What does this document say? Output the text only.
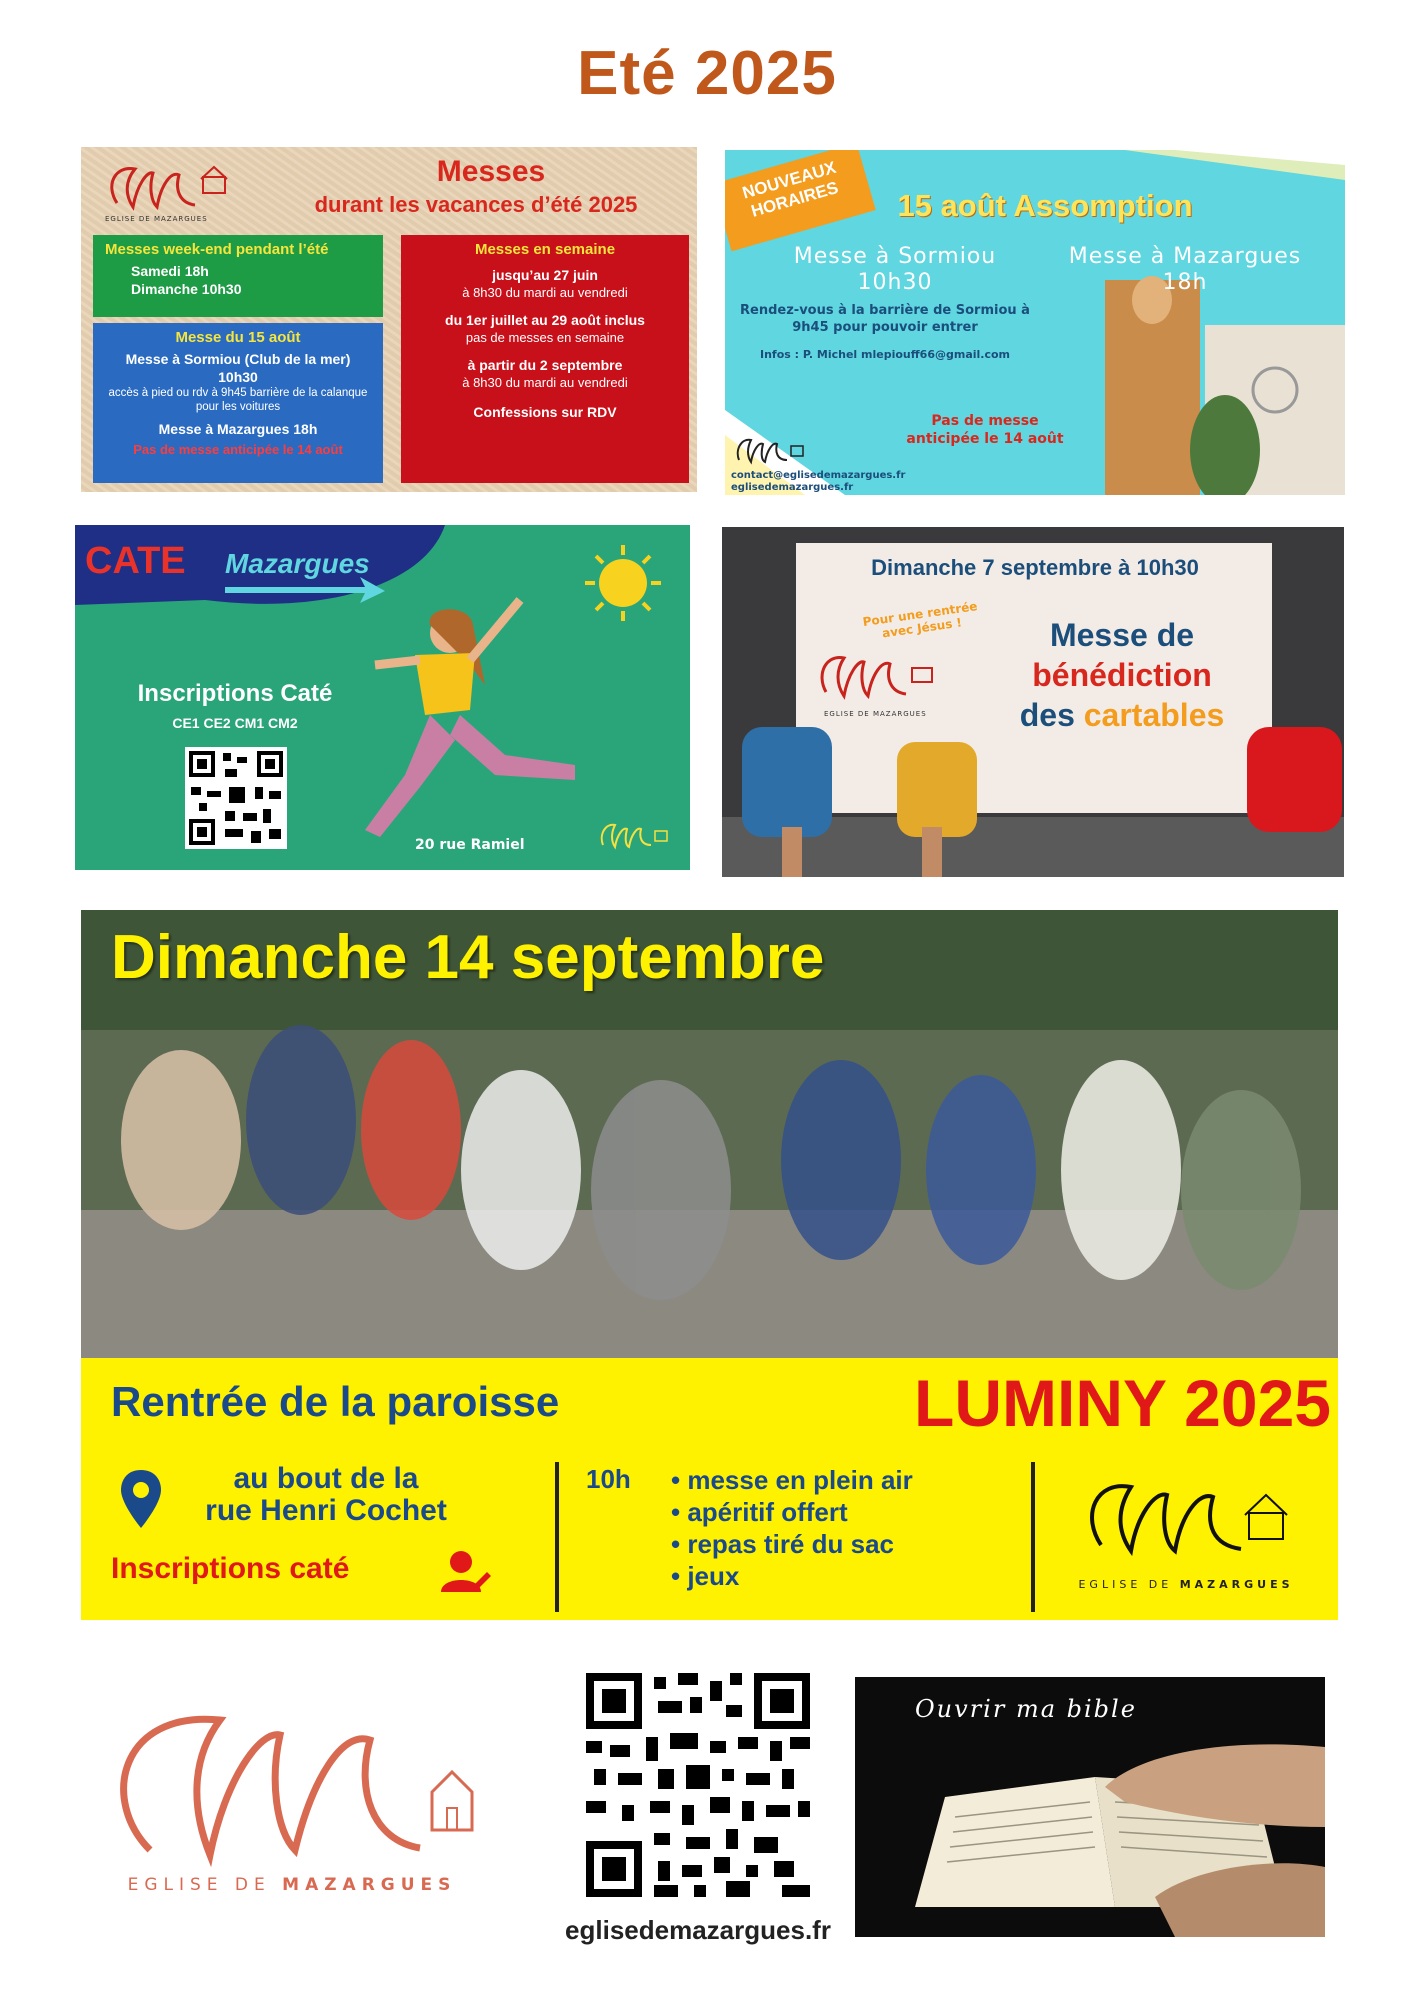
Eté 2025
EGLISE DE MAZARGUES
Messes
durant les vacances d’été 2025
Messes week-end pendant l’été
Samedi 18h
Dimanche 10h30
Messe du 15 août
Messe à Sormiou (Club de la mer)
10h30
accès à pied ou rdv à 9h45 barrière de la calanque pour les voitures
Messe à Mazargues 18h
Pas de messe anticipée le 14 août
Messes en semaine
jusqu’au 27 juin
à 8h30 du mardi au vendredi
du 1er juillet au 29 août inclus
pas de messes en semaine
à partir du 2 septembre
à 8h30 du mardi au vendredi
Confessions sur RDV
NOUVEAUX HORAIRES	15 août Assomption
Messe à Sormiou
10h30
Messe à Mazargues
18h
Rendez-vous à la barrière de Sormiou à 9h45 pour pouvoir entrer
Infos : P. Michel mlepiouff66@gmail.com
Pas de messe anticipée le 14 août
contact@eglisedemazargues.fr
eglisedemazargues.fr
CATE Mazargues
Inscriptions Caté
CE1 CE2 CM1 CM2
20 rue Ramiel
Dimanche 7 septembre à 10h30
Pour une rentrée avec Jésus !
EGLISE DE MAZARGUES
Messe de
bénédiction
des cartables
Dimanche 14 septembre
Rentrée de la paroisse	LUMINY 2025
au bout de la
rue Henri Cochet
Inscriptions caté
10h • messe en plein air
• apéritif offert
• repas tiré du sac
• jeux	EGLISE DE MAZARGUES
EGLISE DE MAZARGUES
eglisedemazargues.fr
Ouvrir ma bible
